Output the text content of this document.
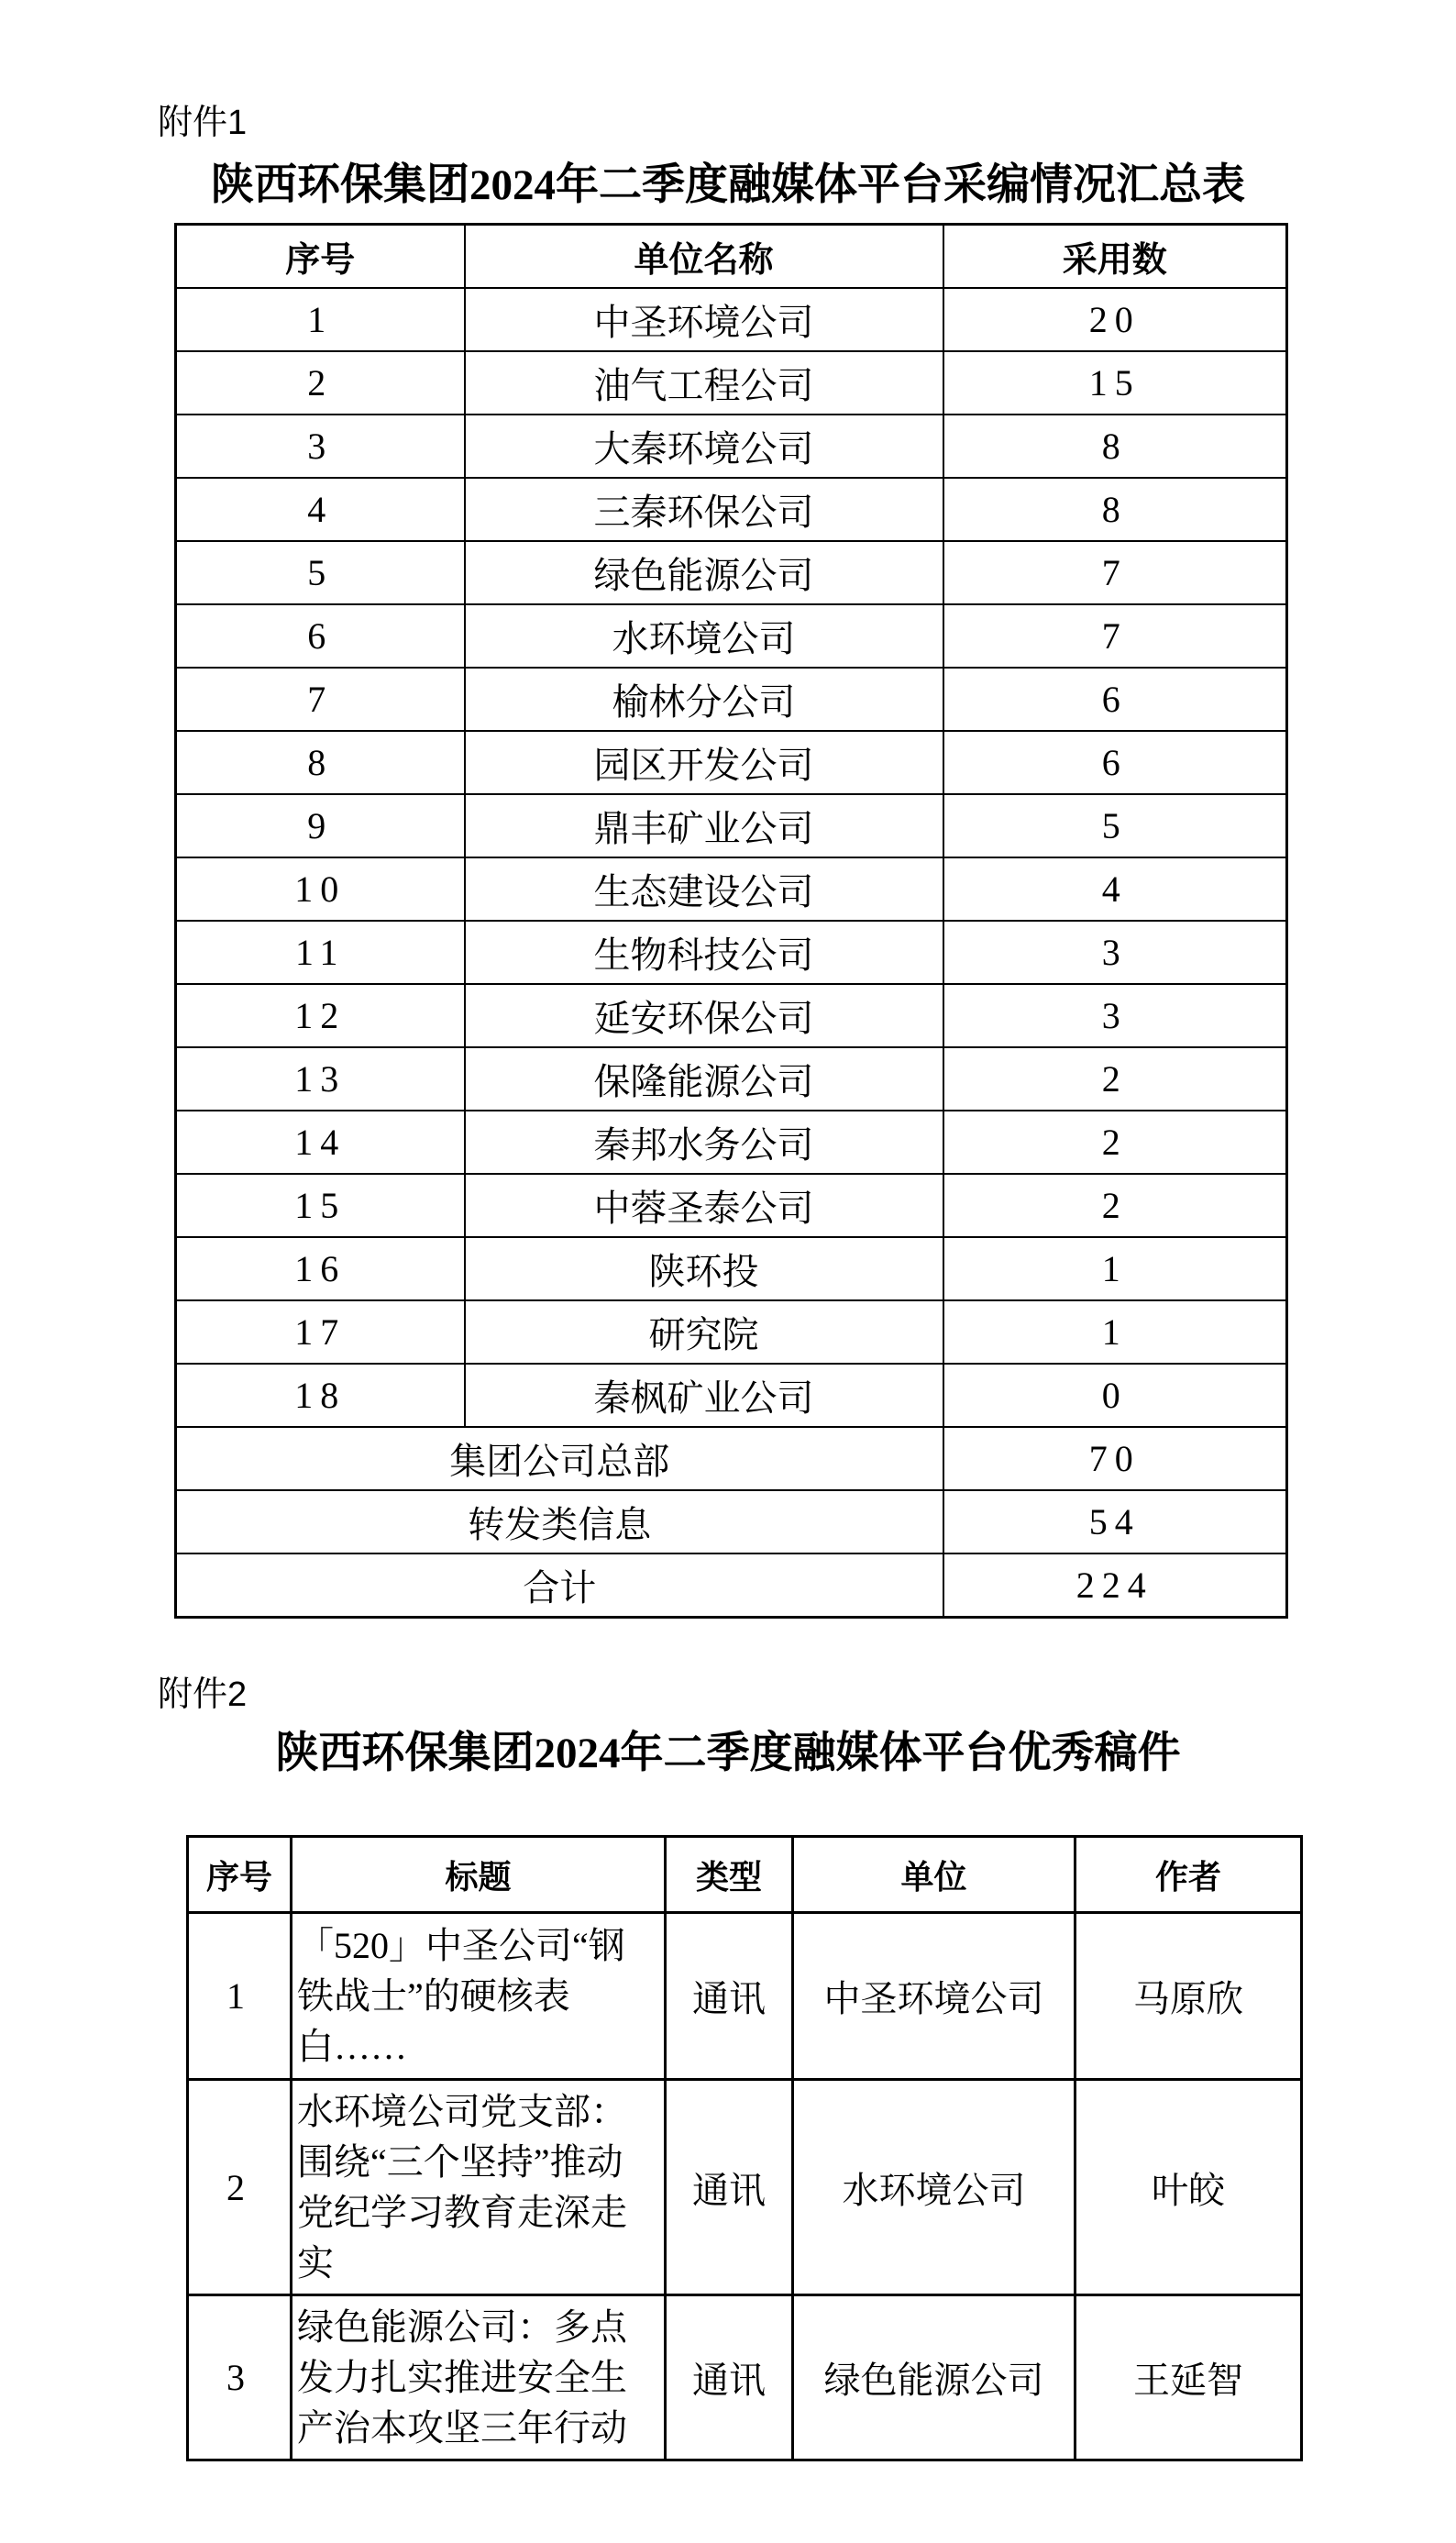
附件1
陕西环保集团2024年二季度融媒体平台采编情况汇总表
序号	单位名称	采用数
1	中圣环境公司	20
2	油气工程公司	15
3	大秦环境公司	8
4	三秦环保公司	8
5	绿色能源公司	7
6	水环境公司	7
7	榆林分公司	6
8	园区开发公司	6
9	鼎丰矿业公司	5
10	生态建设公司	4
11	生物科技公司	3
12	延安环保公司	3
13	保隆能源公司	2
14	秦邦水务公司	2
15	中蓉圣泰公司	2
16	陕环投	1
17	研究院	1
18	秦枫矿业公司	0
集团公司总部		70
转发类信息		54
合计		224
附件2
陕西环保集团2024年二季度融媒体平台优秀稿件
序号	标题	类型	单位	作者
1	「520」中圣公司“钢铁战士”的硬核表白……	通讯	中圣环境公司	马原欣
2	水环境公司党支部：围绕“三个坚持”推动党纪学习教育走深走实	通讯	水环境公司	叶皎
3	绿色能源公司：多点发力扎实推进安全生产治本攻坚三年行动	通讯	绿色能源公司	王延智
